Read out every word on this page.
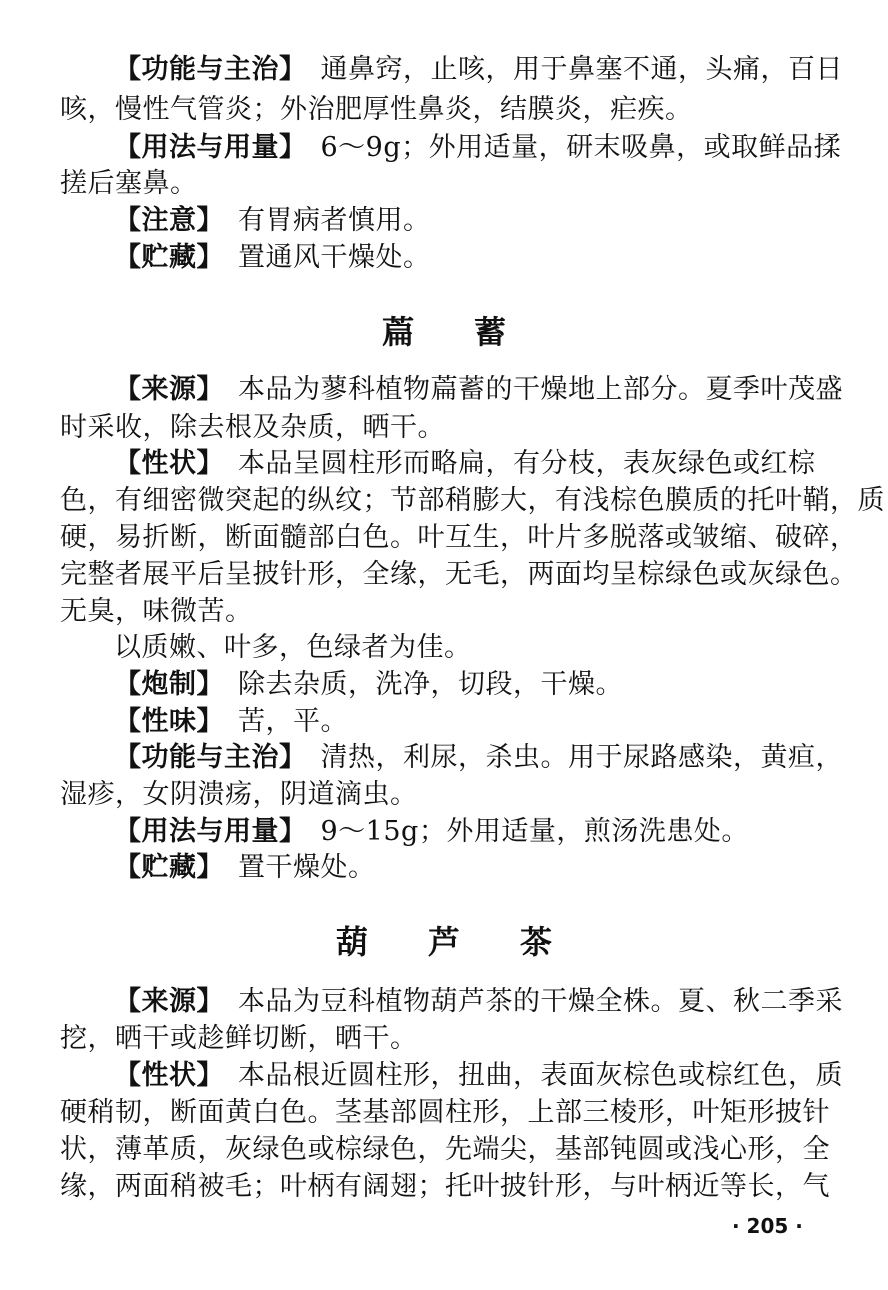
【功能与主治】 通鼻窍，止咳，用于鼻塞不通，头痛，百日
咳，慢性气管炎；外治肥厚性鼻炎，结膜炎，疟疾。
【用法与用量】 6～9g；外用适量，研末吸鼻，或取鲜品揉
搓后塞鼻。
【注意】 有胃病者慎用。
【贮藏】 置通风干燥处。
萹蓄
【来源】 本品为蓼科植物萹蓄的干燥地上部分。夏季叶茂盛
时采收，除去根及杂质，晒干。
【性状】 本品呈圆柱形而略扁，有分枝，表灰绿色或红棕
色，有细密微突起的纵纹；节部稍膨大，有浅棕色膜质的托叶鞘，质
硬，易折断，断面髓部白色。叶互生，叶片多脱落或皱缩、破碎，
完整者展平后呈披针形，全缘，无毛，两面均呈棕绿色或灰绿色。
无臭，味微苦。
以质嫩、叶多，色绿者为佳。
【炮制】 除去杂质，洗净，切段，干燥。
【性味】 苦，平。
【功能与主治】 清热，利尿，杀虫。用于尿路感染，黄疸，
湿疹，女阴溃疡，阴道滴虫。
【用法与用量】 9～15g；外用适量，煎汤洗患处。
【贮藏】 置干燥处。
葫芦茶
【来源】 本品为豆科植物葫芦茶的干燥全株。夏、秋二季采
挖，晒干或趁鲜切断，晒干。
【性状】 本品根近圆柱形，扭曲，表面灰棕色或棕红色，质
硬稍韧，断面黄白色。茎基部圆柱形，上部三棱形，叶矩形披针
状，薄革质，灰绿色或棕绿色，先端尖，基部钝圆或浅心形，全
缘，两面稍被毛；叶柄有阔翅；托叶披针形，与叶柄近等长，气
· 205 ·
